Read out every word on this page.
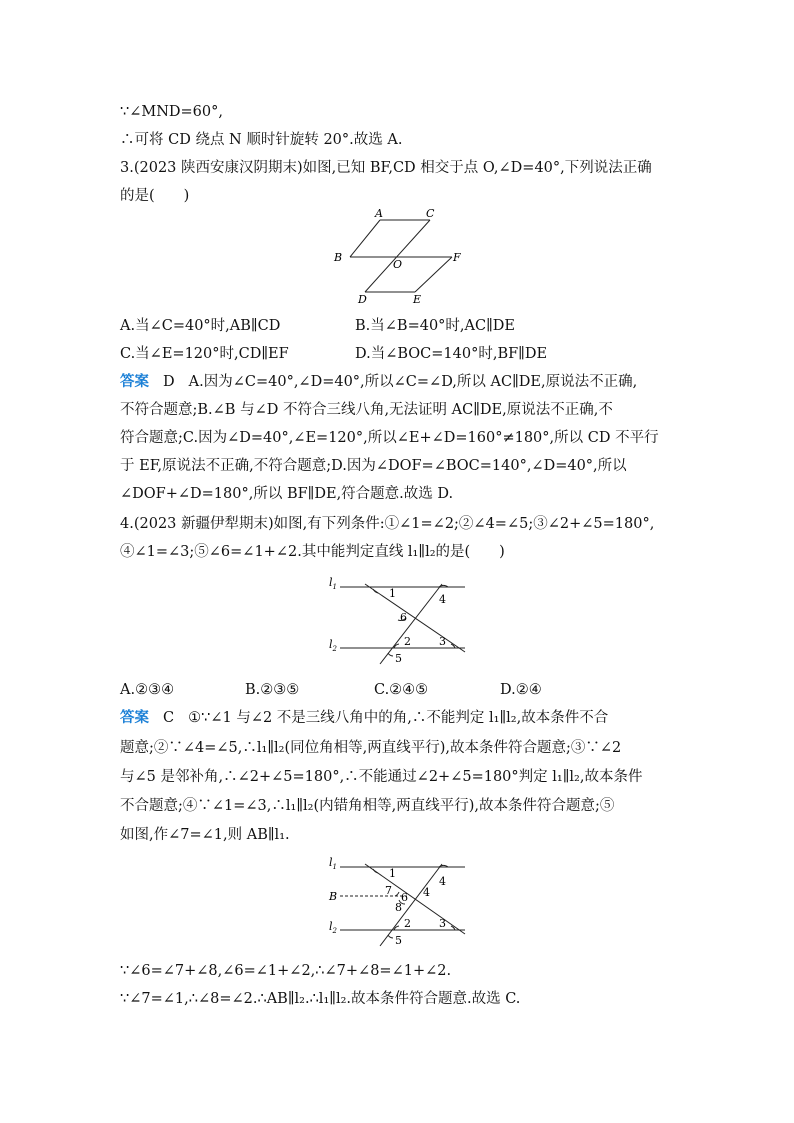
∵∠MND=60°,
∴可将 CD 绕点 N 顺时针旋转 20°.故选 A.
3.(2023 陕西安康汉阴期末)如图,已知 BF,CD 相交于点 O,∠D=40°,下列说法正确
的是(　　)
A	C
B
O
F
D	E
A.当∠C=40°时,AB∥CD	B.当∠B=40°时,AC∥DE
C.当∠E=120°时,CD∥EF	D.当∠BOC=140°时,BF∥DE
答案 D A.因为∠C=40°,∠D=40°,所以∠C=∠D,所以 AC∥DE,原说法不正确,
不符合题意;B.∠B 与∠D 不符合三线八角,无法证明 AC∥DE,原说法不正确,不
符合题意;C.因为∠D=40°,∠E=120°,所以∠E+∠D=160°≠180°,所以 CD 不平行
于 EF,原说法不正确,不符合题意;D.因为∠DOF=∠BOC=140°,∠D=40°,所以
∠DOF+∠D=180°,所以 BF∥DE,符合题意.故选 D.
4.(2023 新疆伊犁期末)如图,有下列条件:①∠1=∠2;②∠4=∠5;③∠2+∠5=180°,
④∠1=∠3;⑤∠6=∠1+∠2.其中能判定直线 l₁∥l₂的是(　　)
$l_1$
$l_2$
1	4
6
2	3
5
A.②③④	B.②③⑤	C.②④⑤	D.②④
答案 C ①∵∠1 与∠2 不是三线八角中的角,∴不能判定 l₁∥l₂,故本条件不合
题意;②∵∠4=∠5,∴l₁∥l₂(同位角相等,两直线平行),故本条件符合题意;③∵∠2
与∠5 是邻补角,∴∠2+∠5=180°,∴不能通过∠2+∠5=180°判定 l₁∥l₂,故本条件
不合题意;④∵∠1=∠3,∴l₁∥l₂(内错角相等,两直线平行),故本条件符合题意;⑤
如图,作∠7=∠1,则 AB∥l₁.
$l_1$
B
$l_2$
1
4
7
6 4
8
2	3
5
∵∠6=∠7+∠8,∠6=∠1+∠2,∴∠7+∠8=∠1+∠2.
∵∠7=∠1,∴∠8=∠2.∴AB∥l₂.∴l₁∥l₂.故本条件符合题意.故选 C.
